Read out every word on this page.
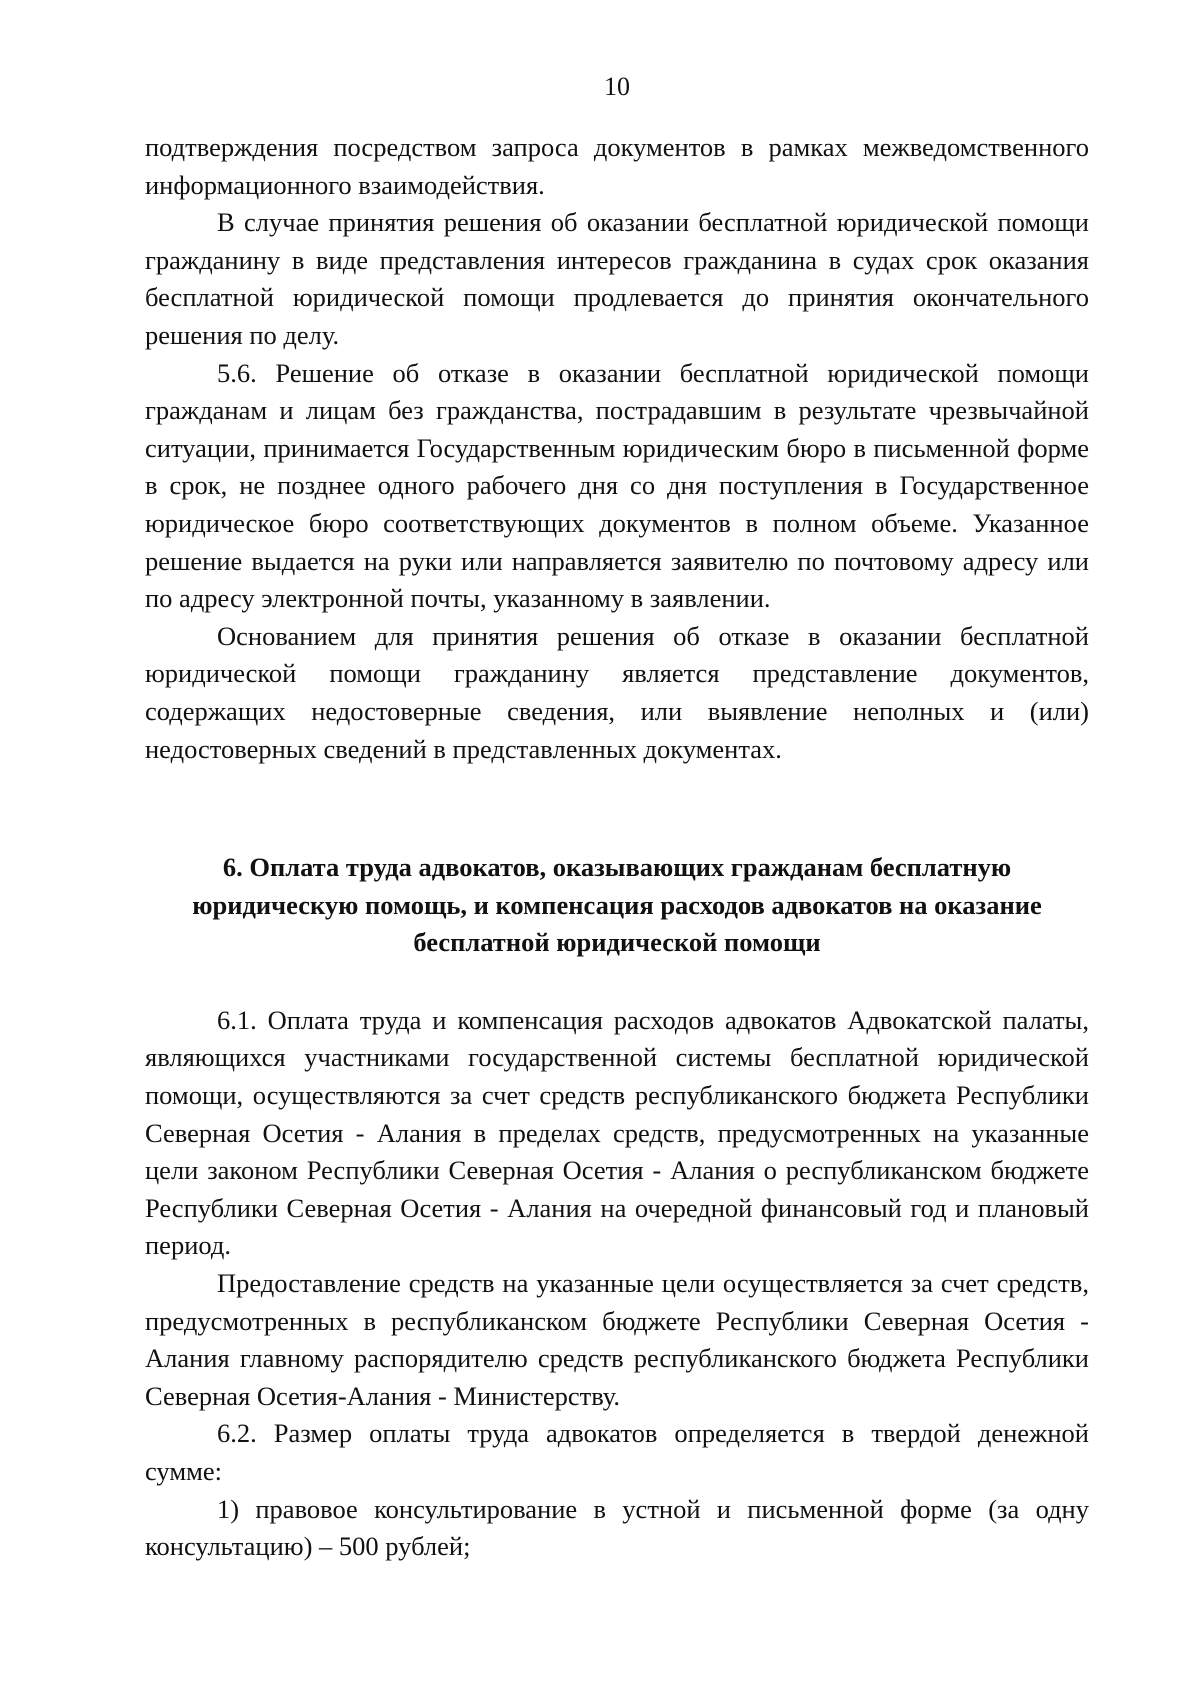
10

подтверждения посредством запроса документов в рамках межведомственного информационного взаимодействия.

В случае принятия решения об оказании бесплатной юридической помощи гражданину в виде представления интересов гражданина в судах срок оказания бесплатной юридической помощи продлевается до принятия окончательного решения по делу.

5.6. Решение об отказе в оказании бесплатной юридической помощи гражданам и лицам без гражданства, пострадавшим в результате чрезвычайной ситуации, принимается Государственным юридическим бюро в письменной форме в срок, не позднее одного рабочего дня со дня поступления в Государственное юридическое бюро соответствующих документов в полном объеме. Указанное решение выдается на руки или направляется заявителю по почтовому адресу или по адресу электронной почты, указанному в заявлении.

Основанием для принятия решения об отказе в оказании бесплатной юридической помощи гражданину является представление документов, содержащих недостоверные сведения, или выявление неполных и (или) недостоверных сведений в представленных документах.

6. Оплата труда адвокатов, оказывающих гражданам бесплатную юридическую помощь, и компенсация расходов адвокатов на оказание бесплатной юридической помощи

6.1. Оплата труда и компенсация расходов адвокатов Адвокатской палаты, являющихся участниками государственной системы бесплатной юридической помощи, осуществляются за счет средств республиканского бюджета Республики Северная Осетия - Алания в пределах средств, предусмотренных на указанные цели законом Республики Северная Осетия - Алания о республиканском бюджете Республики Северная Осетия - Алания на очередной финансовый год и плановый период.

Предоставление средств на указанные цели осуществляется за счет средств, предусмотренных в республиканском бюджете Республики Северная Осетия - Алания главному распорядителю средств республиканского бюджета Республики Северная Осетия-Алания - Министерству.

6.2. Размер оплаты труда адвокатов определяется в твердой денежной сумме:

1) правовое консультирование в устной и письменной форме (за одну консультацию) – 500 рублей;
